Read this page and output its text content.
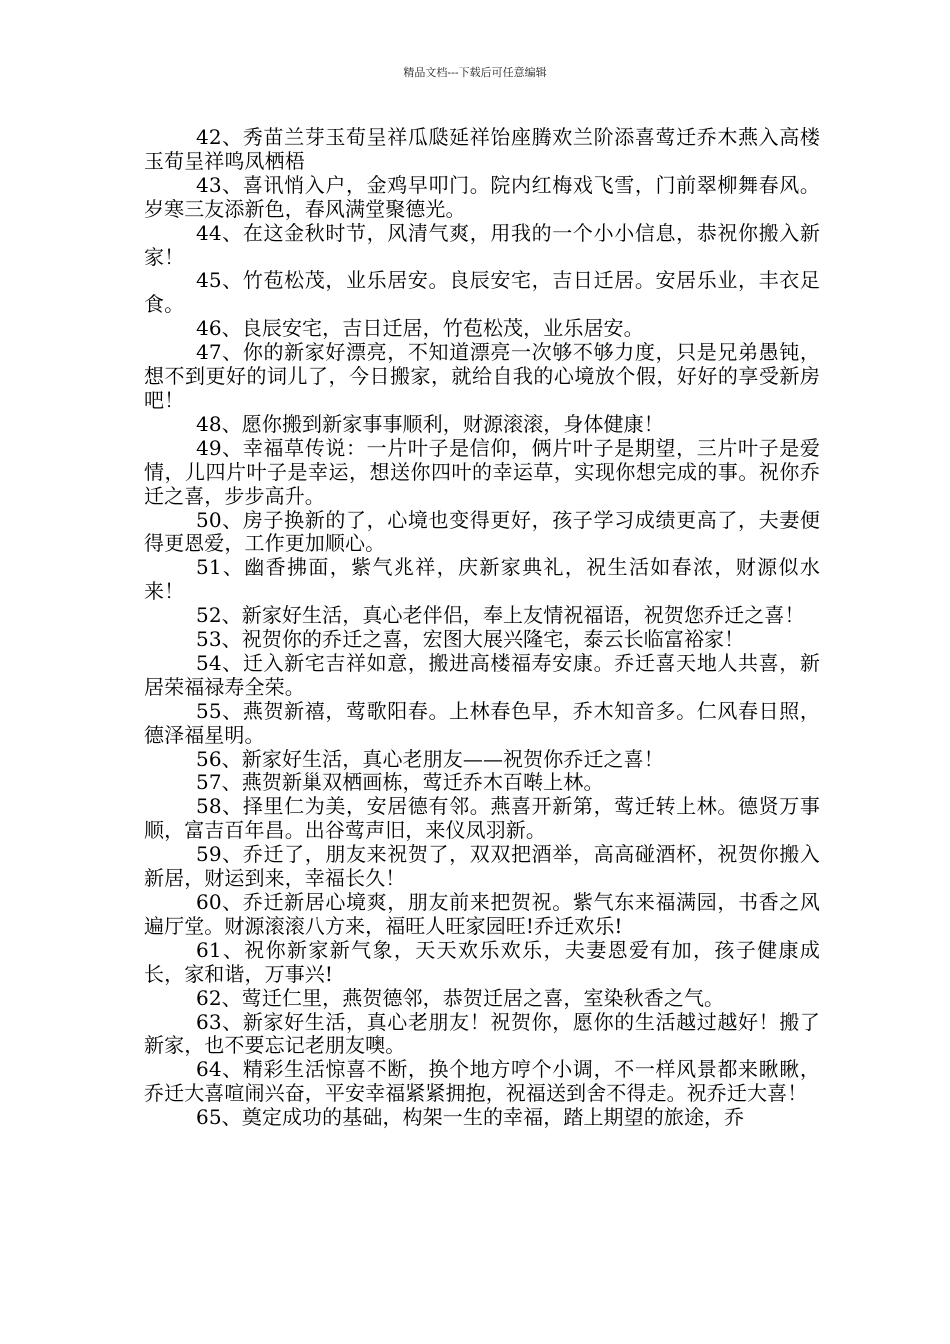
精品文档---下载后可任意编辑

42、秀苗兰芽玉荀呈祥瓜瓞延祥饴座腾欢兰阶添喜莺迁乔木燕入高楼玉荀呈祥鸣凤栖梧

43、喜讯悄入户，金鸡早叩门。院内红梅戏飞雪，门前翠柳舞春风。岁寒三友添新色，春风满堂聚德光。

44、在这金秋时节，风清气爽，用我的一个小小信息，恭祝你搬入新家！

45、竹苞松茂，业乐居安。良辰安宅，吉日迁居。安居乐业，丰衣足食。

46、良辰安宅，吉日迁居，竹苞松茂，业乐居安。

47、你的新家好漂亮，不知道漂亮一次够不够力度，只是兄弟愚钝，想不到更好的词儿了，今日搬家，就给自我的心境放个假，好好的享受新房吧！

48、愿你搬到新家事事顺利，财源滚滚，身体健康！

49、幸福草传说：一片叶子是信仰，俩片叶子是期望，三片叶子是爱情，儿四片叶子是幸运，想送你四叶的幸运草，实现你想完成的事。祝你乔迁之喜，步步高升。

50、房子换新的了，心境也变得更好，孩子学习成绩更高了，夫妻便得更恩爱，工作更加顺心。

51、幽香拂面，紫气兆祥，庆新家典礼，祝生活如春浓，财源似水来！

52、新家好生活，真心老伴侣，奉上友情祝福语，祝贺您乔迁之喜！

53、祝贺你的乔迁之喜，宏图大展兴隆宅，泰云长临富裕家！

54、迁入新宅吉祥如意，搬进高楼福寿安康。乔迁喜天地人共喜，新居荣福禄寿全荣。

55、燕贺新禧，莺歌阳春。上林春色早，乔木知音多。仁风春日照，德泽福星明。

56、新家好生活，真心老朋友——祝贺你乔迁之喜！

57、燕贺新巢双栖画栋，莺迁乔木百啭上林。

58、择里仁为美，安居德有邻。燕喜开新第，莺迁转上林。德贤万事顺，富吉百年昌。出谷莺声旧，来仪凤羽新。

59、乔迁了，朋友来祝贺了，双双把酒举，高高碰酒杯，祝贺你搬入新居，财运到来，幸福长久！

60、乔迁新居心境爽，朋友前来把贺祝。紫气东来福满园，书香之风遍厅堂。财源滚滚八方来，福旺人旺家园旺!乔迁欢乐!

61、祝你新家新气象，天天欢乐欢乐，夫妻恩爱有加，孩子健康成长，家和谐，万事兴!

62、莺迁仁里，燕贺德邻，恭贺迁居之喜，室染秋香之气。

63、新家好生活，真心老朋友！祝贺你，愿你的生活越过越好！搬了新家，也不要忘记老朋友噢。

64、精彩生活惊喜不断，换个地方哼个小调，不一样风景都来瞅瞅，乔迁大喜喧闹兴奋，平安幸福紧紧拥抱，祝福送到舍不得走。祝乔迁大喜！

65、奠定成功的基础，构架一生的幸福，踏上期望的旅途，乔
